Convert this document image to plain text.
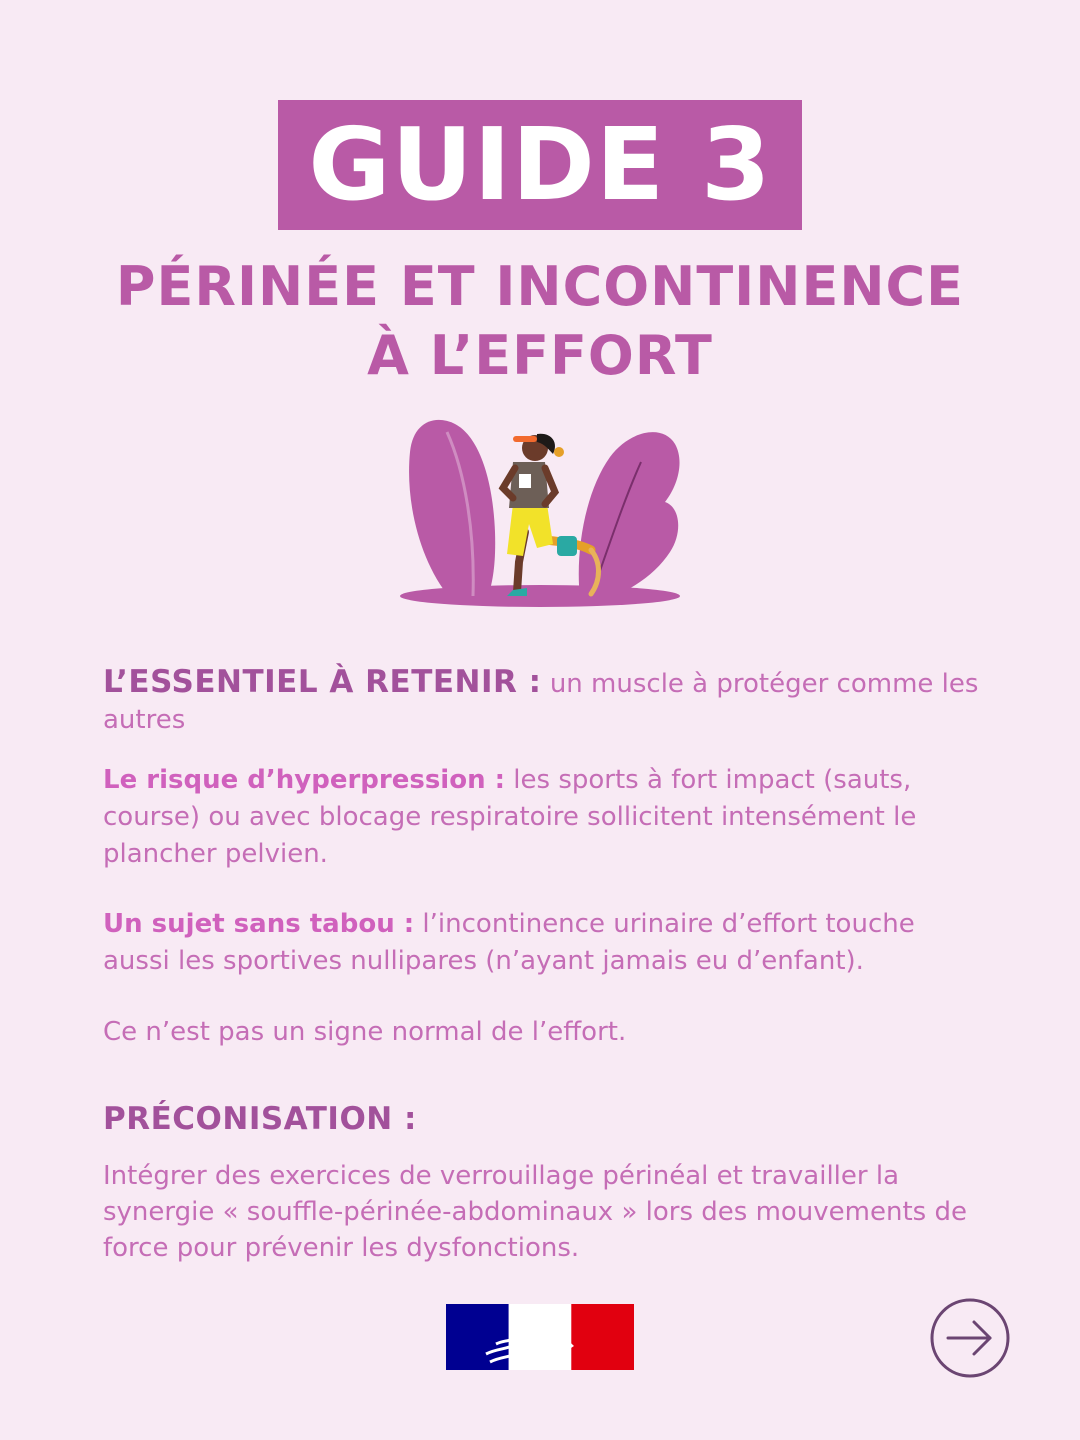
GUIDE 3
PÉRINÉE ET INCONTINENCE
À L’EFFORT
L’ESSENTIEL À RETENIR : un muscle à protéger comme les autres
Le risque d’hyperpression : les sports à fort impact (sauts, course) ou avec blocage respiratoire sollicitent intensément le plancher pelvien.
Un sujet sans tabou : l’incontinence urinaire d’effort touche aussi les sportives nullipares (n’ayant jamais eu d’enfant).
Ce n’est pas un signe normal de l’effort.
PRÉCONISATION :
Intégrer des exercices de verrouillage périnéal et travailler la synergie « souffle-périnée-abdominaux » lors des mouvements de force pour prévenir les dysfonctions.
